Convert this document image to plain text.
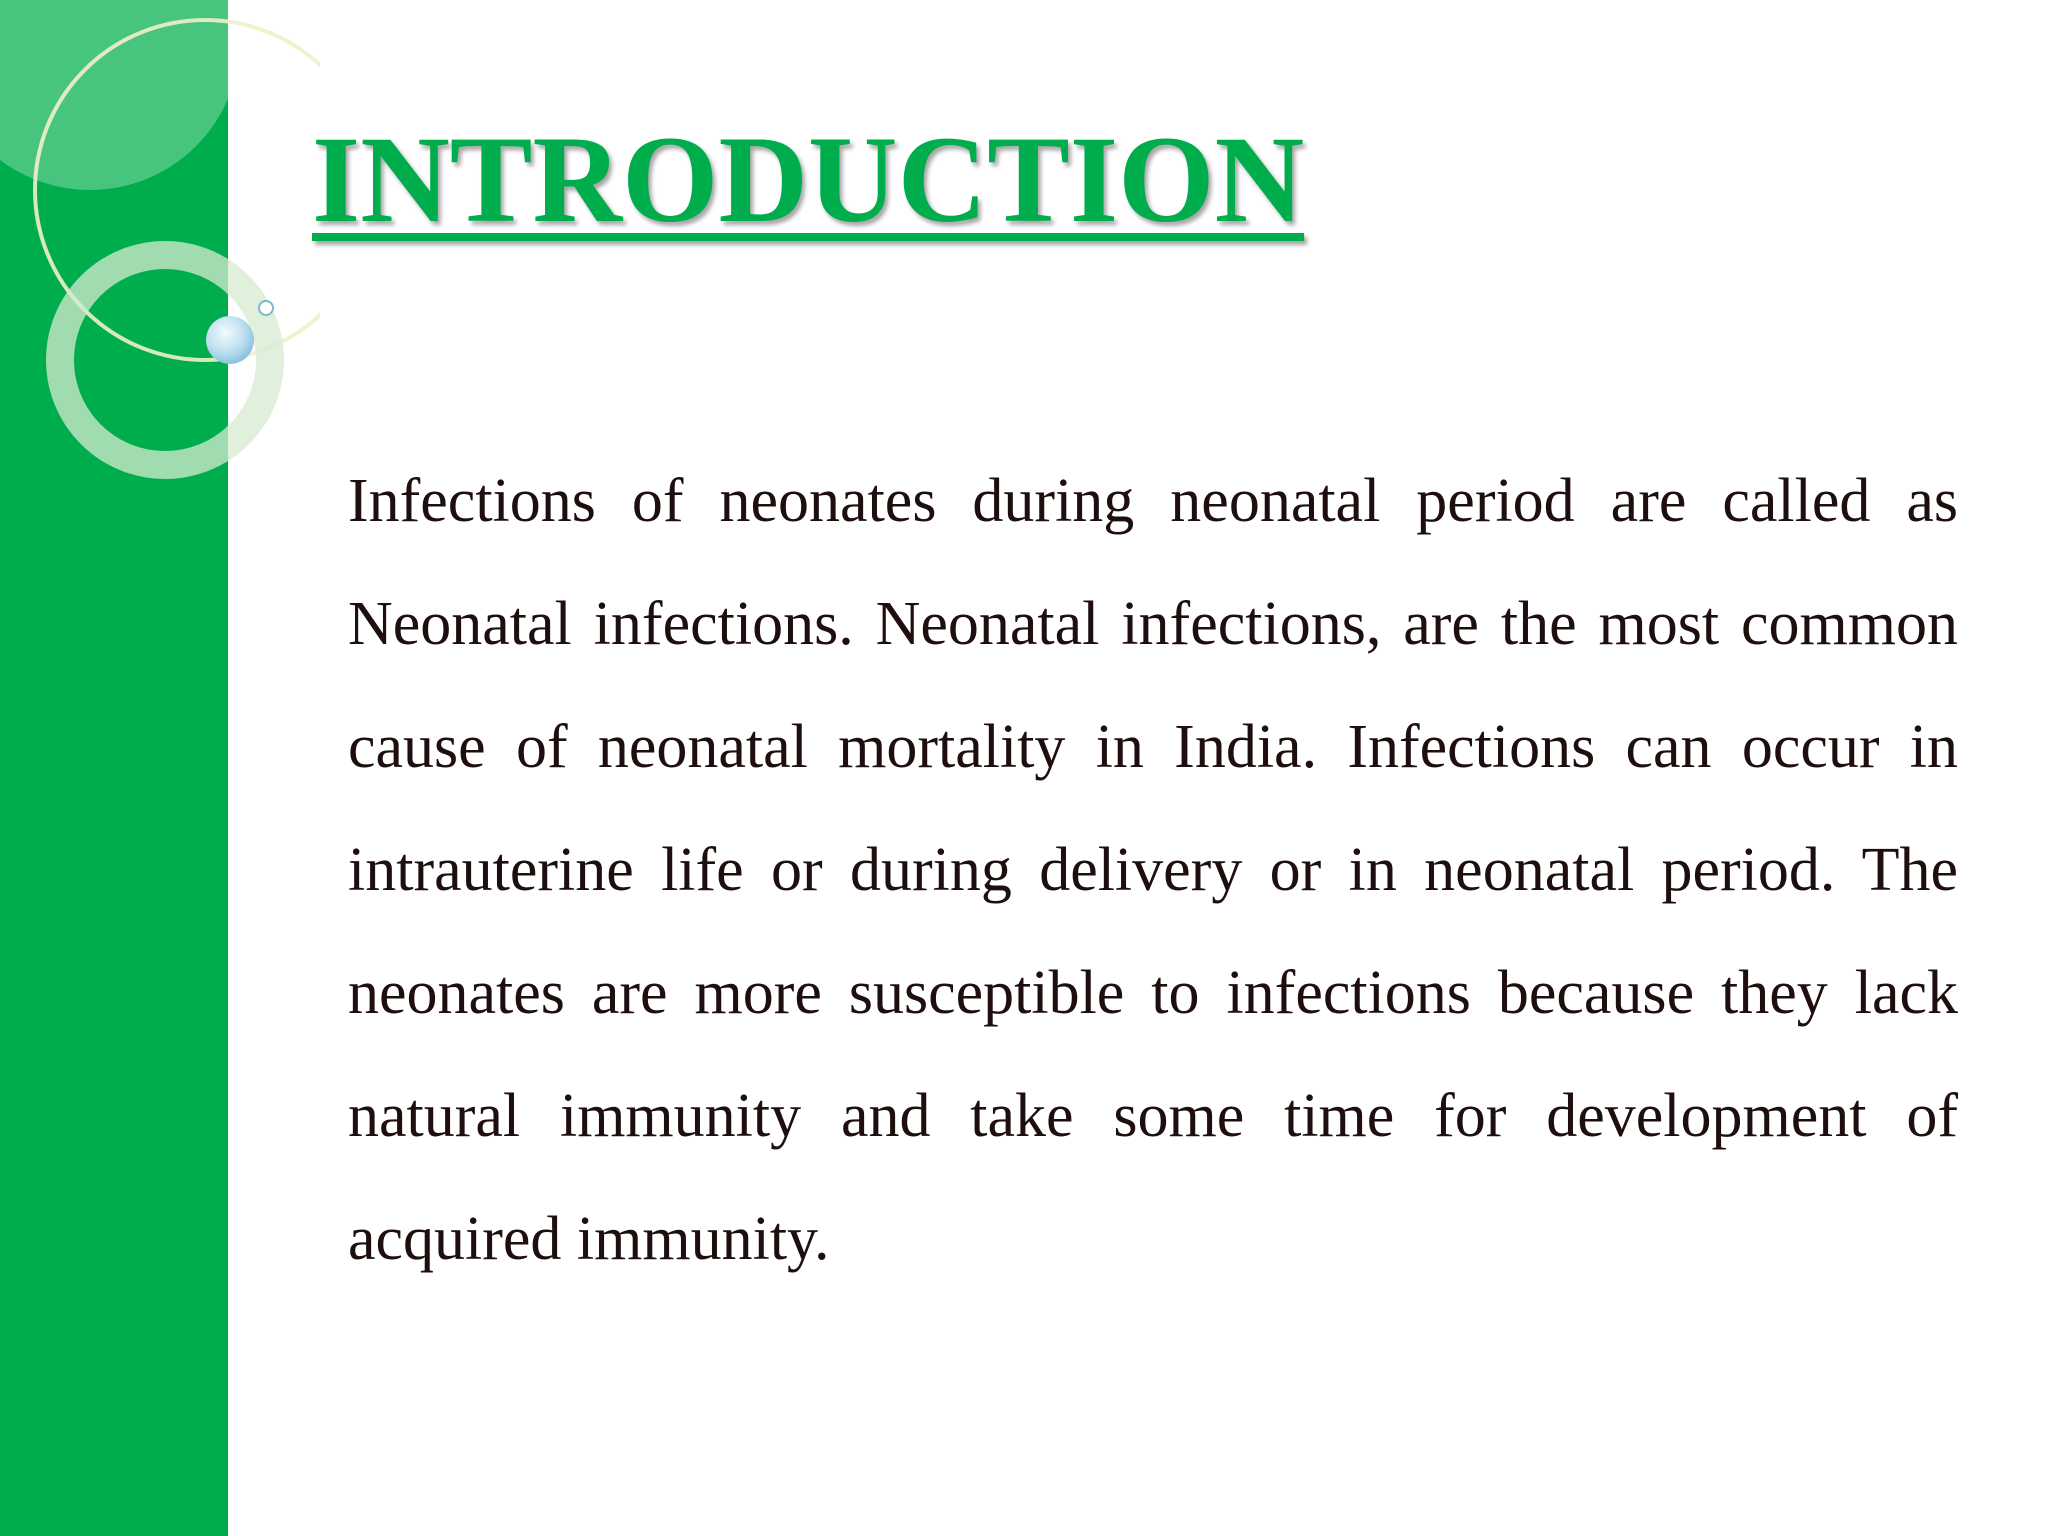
INTRODUCTION

Infections of neonates during neonatal period are called as Neonatal infections. Neonatal infections, are the most common cause of neonatal mortality in India. Infections can occur in intrauterine life or during delivery or in neonatal period. The neonates are more susceptible to infections because they lack natural immunity and take some time for development of acquired immunity.
